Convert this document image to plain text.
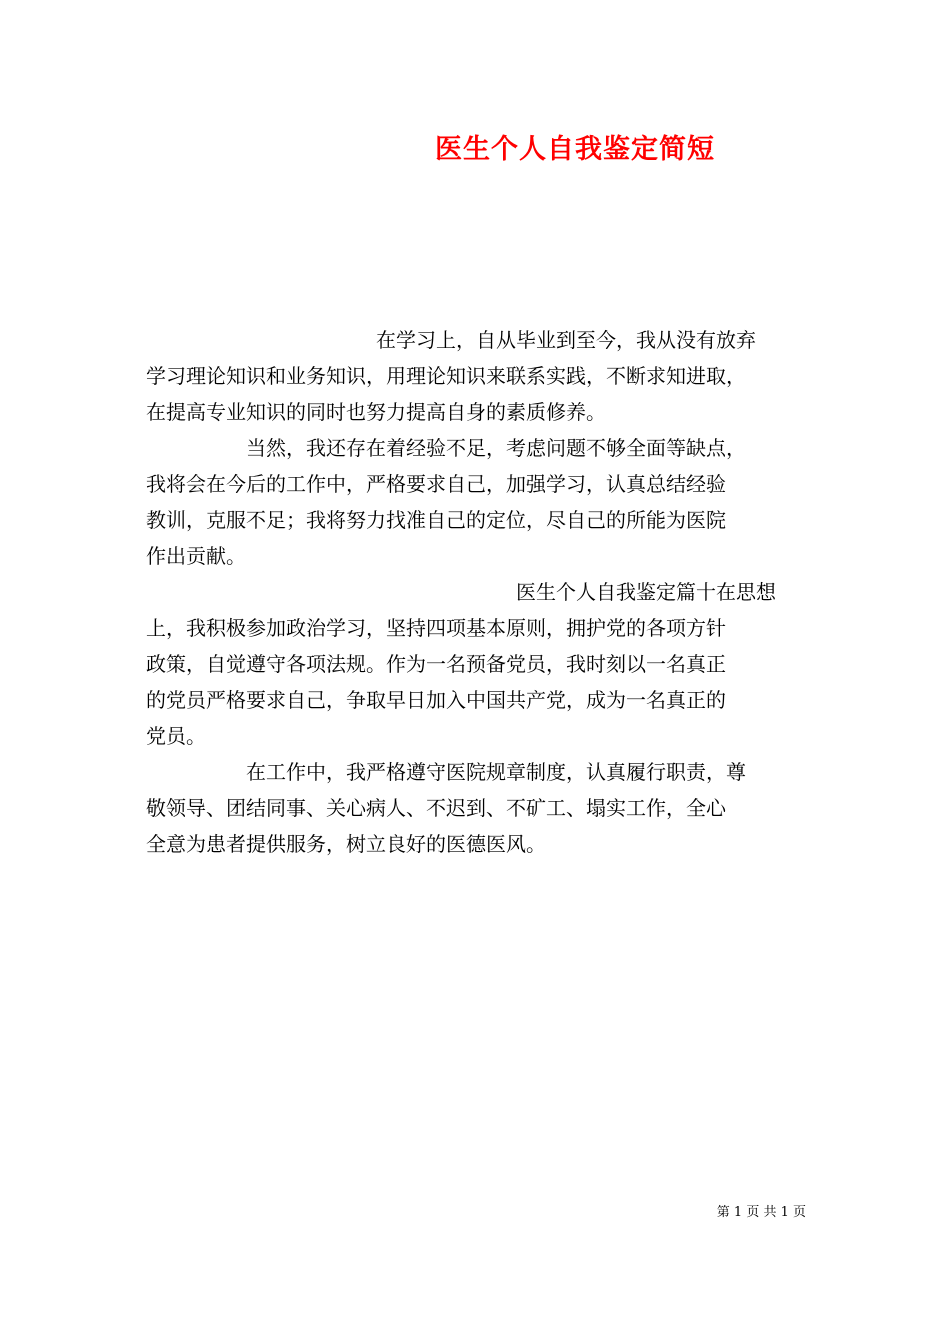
医生个人自我鉴定简短
在学习上，自从毕业到至今，我从没有放弃
学习理论知识和业务知识，用理论知识来联系实践，不断求知进取，
在提高专业知识的同时也努力提高自身的素质修养。
当然，我还存在着经验不足，考虑问题不够全面等缺点，
我将会在今后的工作中，严格要求自己，加强学习，认真总结经验
教训，克服不足；我将努力找准自己的定位，尽自己的所能为医院
作出贡献。
医生个人自我鉴定篇十在思想
上，我积极参加政治学习，坚持四项基本原则，拥护党的各项方针
政策，自觉遵守各项法规。作为一名预备党员，我时刻以一名真正
的党员严格要求自己，争取早日加入中国共产党，成为一名真正的
党员。
在工作中，我严格遵守医院规章制度，认真履行职责，尊
敬领导、团结同事、关心病人、不迟到、不矿工、塌实工作，全心
全意为患者提供服务，树立良好的医德医风。
第 1 页 共 1 页
